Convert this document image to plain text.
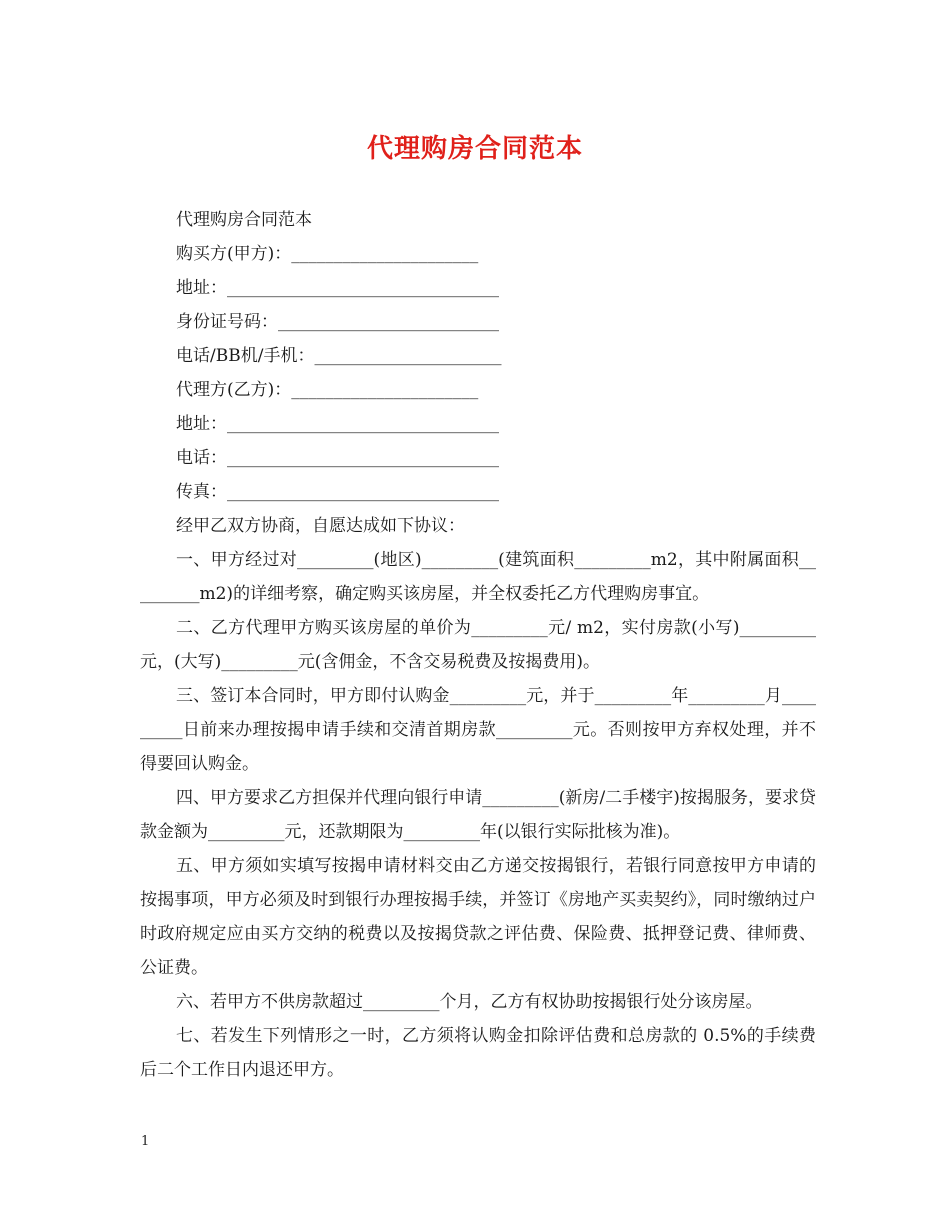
代理购房合同范本
代理购房合同范本
购买方(甲方)：______________________
地址：________________________________
身份证号码：__________________________
电话/BB机/手机：______________________
代理方(乙方)：______________________
地址：________________________________
电话：________________________________
传真：________________________________
经甲乙双方协商，自愿达成如下协议：
一、甲方经过对_________(地区)_________(建筑面积_________m2，其中附属面积_________m2)的详细考察，确定购买该房屋，并全权委托乙方代理购房事宜。
二、乙方代理甲方购买该房屋的单价为_________元/ m2，实付房款(小写)_________元，(大写)_________元(含佣金，不含交易税费及按揭费用)。
三、签订本合同时，甲方即付认购金_________元，并于_________年_________月_________日前来办理按揭申请手续和交清首期房款_________元。否则按甲方弃权处理，并不得要回认购金。
四、甲方要求乙方担保并代理向银行申请_________(新房/二手楼宇)按揭服务，要求贷款金额为_________元，还款期限为_________年(以银行实际批核为准)。
五、甲方须如实填写按揭申请材料交由乙方递交按揭银行，若银行同意按甲方申请的按揭事项，甲方必须及时到银行办理按揭手续，并签订《房地产买卖契约》，同时缴纳过户时政府规定应由买方交纳的税费以及按揭贷款之评估费、保险费、抵押登记费、律师费、公证费。
六、若甲方不供房款超过_________个月，乙方有权协助按揭银行处分该房屋。
七、若发生下列情形之一时，乙方须将认购金扣除评估费和总房款的 0.5%的手续费后二个工作日内退还甲方。
1
